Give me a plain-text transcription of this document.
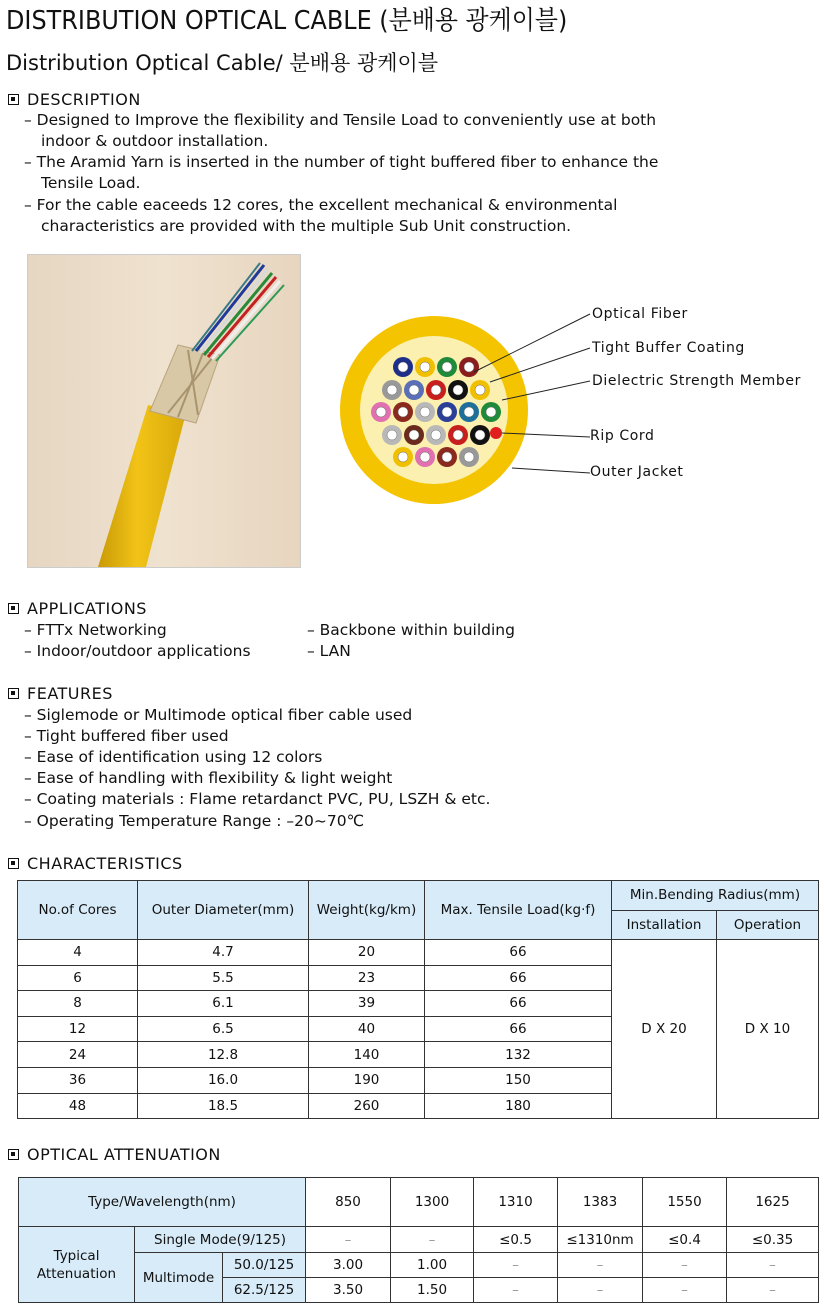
DISTRIBUTION OPTICAL CABLE (분배용 광케이블)
Distribution Optical Cable/ 분배용 광케이블
DESCRIPTION
– Designed to Improve the flexibility and Tensile Load to conveniently use at both
indoor & outdoor installation.
– The Aramid Yarn is inserted in the number of tight buffered fiber to enhance the
Tensile Load.
– For the cable eaceeds 12 cores, the excellent mechanical & environmental
characteristics are provided with the multiple Sub Unit construction.
Optical Fiber
Tight Buffer Coating
Dielectric Strength Member
Rip Cord
Outer Jacket
APPLICATIONS
– FTTx Networking
– Indoor/outdoor applications
– Backbone within building
– LAN
FEATURES
– Siglemode or Multimode optical fiber cable used
– Tight buffered fiber used
– Ease of identification using 12 colors
– Ease of handling with flexibility & light weight
– Coating materials : Flame retardanct PVC, PU, LSZH & etc.
– Operating Temperature Range : –20~70℃
CHARACTERISTICS
No.of Cores	Outer Diameter(mm)	Weight(kg/km)	Max. Tensile Load(kg·f)	Min.Bending Radius(mm)	
				Installation	Operation
4	4.7	20	66	D X 20	D X 10
6	5.5	23	66		
8	6.1	39	66		
12	6.5	40	66		
24	12.8	140	132		
36	16.0	190	150		
48	18.5	260	180		
OPTICAL ATTENUATION
Type/Wavelength(nm)			850	1300	1310	1383	1550	1625
Typical Attenuation	Single Mode(9/125)		–	–	≤0.5	≤1310nm	≤0.4	≤0.35
	Multimode	50.0/125	3.00	1.00	–	–	–	–
		62.5/125	3.50	1.50	–	–	–	–
